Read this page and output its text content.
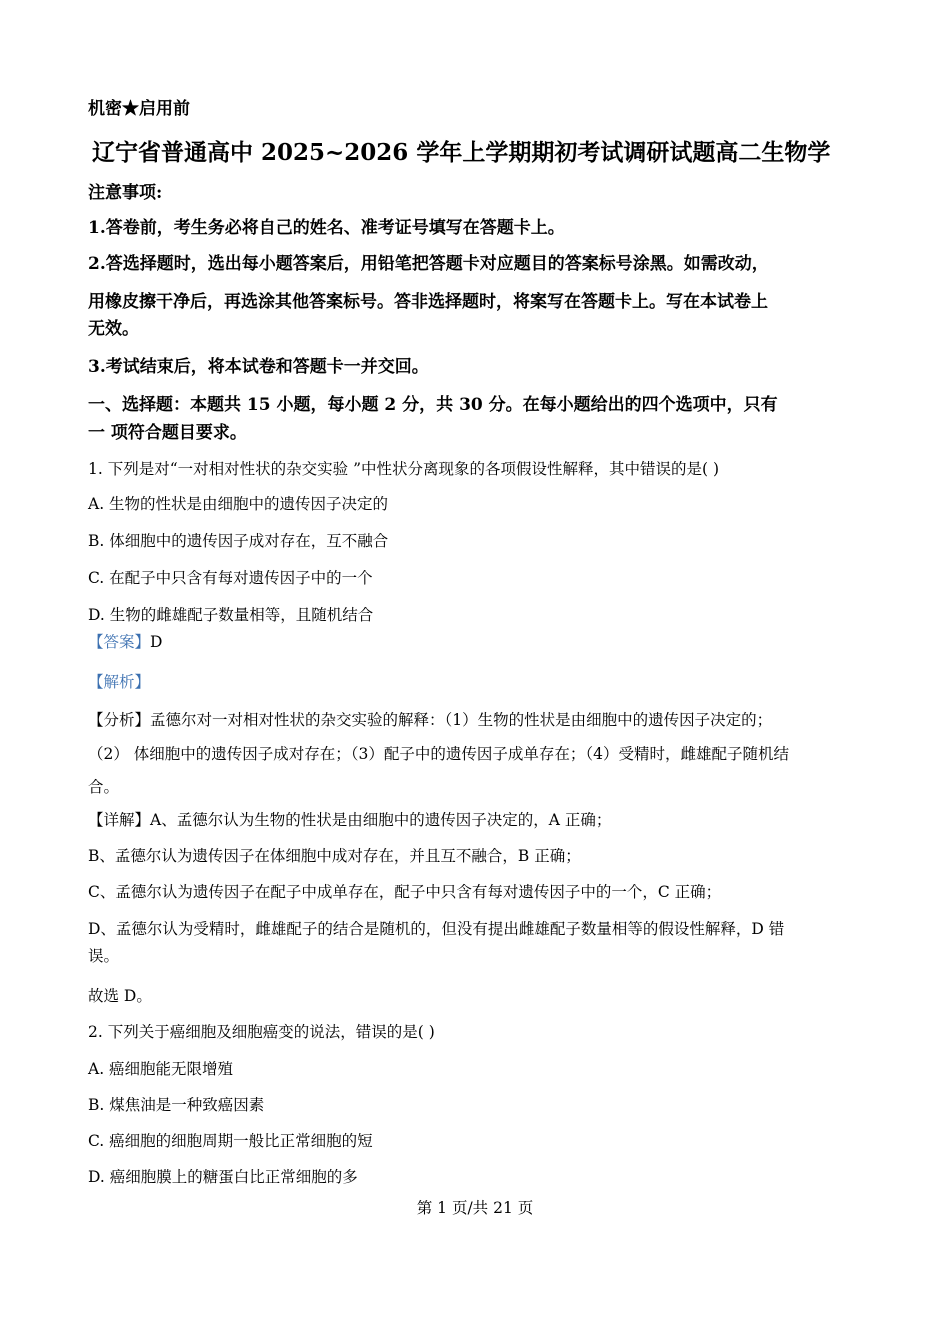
机密★启用前
辽宁省普通高中 2025~2026 学年上学期期初考试调研试题高二生物学
注意事项:
1.答卷前，考生务必将自己的姓名、准考证号填写在答题卡上。
2.答选择题时，选出每小题答案后，用铅笔把答题卡对应题目的答案标号涂黑。如需改动，
用橡皮擦干净后，再选涂其他答案标号。答非选择题时，将案写在答题卡上。写在本试卷上
无效。
3.考试结束后，将本试卷和答题卡一并交回。
一、选择题：本题共 15 小题，每小题 2 分，共 30 分。在每小题给出的四个选项中，只有
一 项符合题目要求。
1. 下列是对“一对相对性状的杂交实验 ”中性状分离现象的各项假设性解释，其中错误的是( )
A. 生物的性状是由细胞中的遗传因子决定的
B. 体细胞中的遗传因子成对存在，互不融合
C. 在配子中只含有每对遗传因子中的一个
D. 生物的雌雄配子数量相等，且随机结合
【答案】D
【解析】
【分析】孟德尔对一对相对性状的杂交实验的解释：（1）生物的性状是由细胞中的遗传因子决定的；
（2） 体细胞中的遗传因子成对存在；（3）配子中的遗传因子成单存在；（4）受精时，雌雄配子随机结
合。
【详解】A、孟德尔认为生物的性状是由细胞中的遗传因子决定的，A 正确；
B、孟德尔认为遗传因子在体细胞中成对存在，并且互不融合，B 正确；
C、孟德尔认为遗传因子在配子中成单存在，配子中只含有每对遗传因子中的一个，C 正确；
D、孟德尔认为受精时，雌雄配子的结合是随机的，但没有提出雌雄配子数量相等的假设性解释，D 错
误。
故选 D。
2. 下列关于癌细胞及细胞癌变的说法，错误的是( )
A. 癌细胞能无限增殖
B. 煤焦油是一种致癌因素
C. 癌细胞的细胞周期一般比正常细胞的短
D. 癌细胞膜上的糖蛋白比正常细胞的多
第 1 页/共 21 页
